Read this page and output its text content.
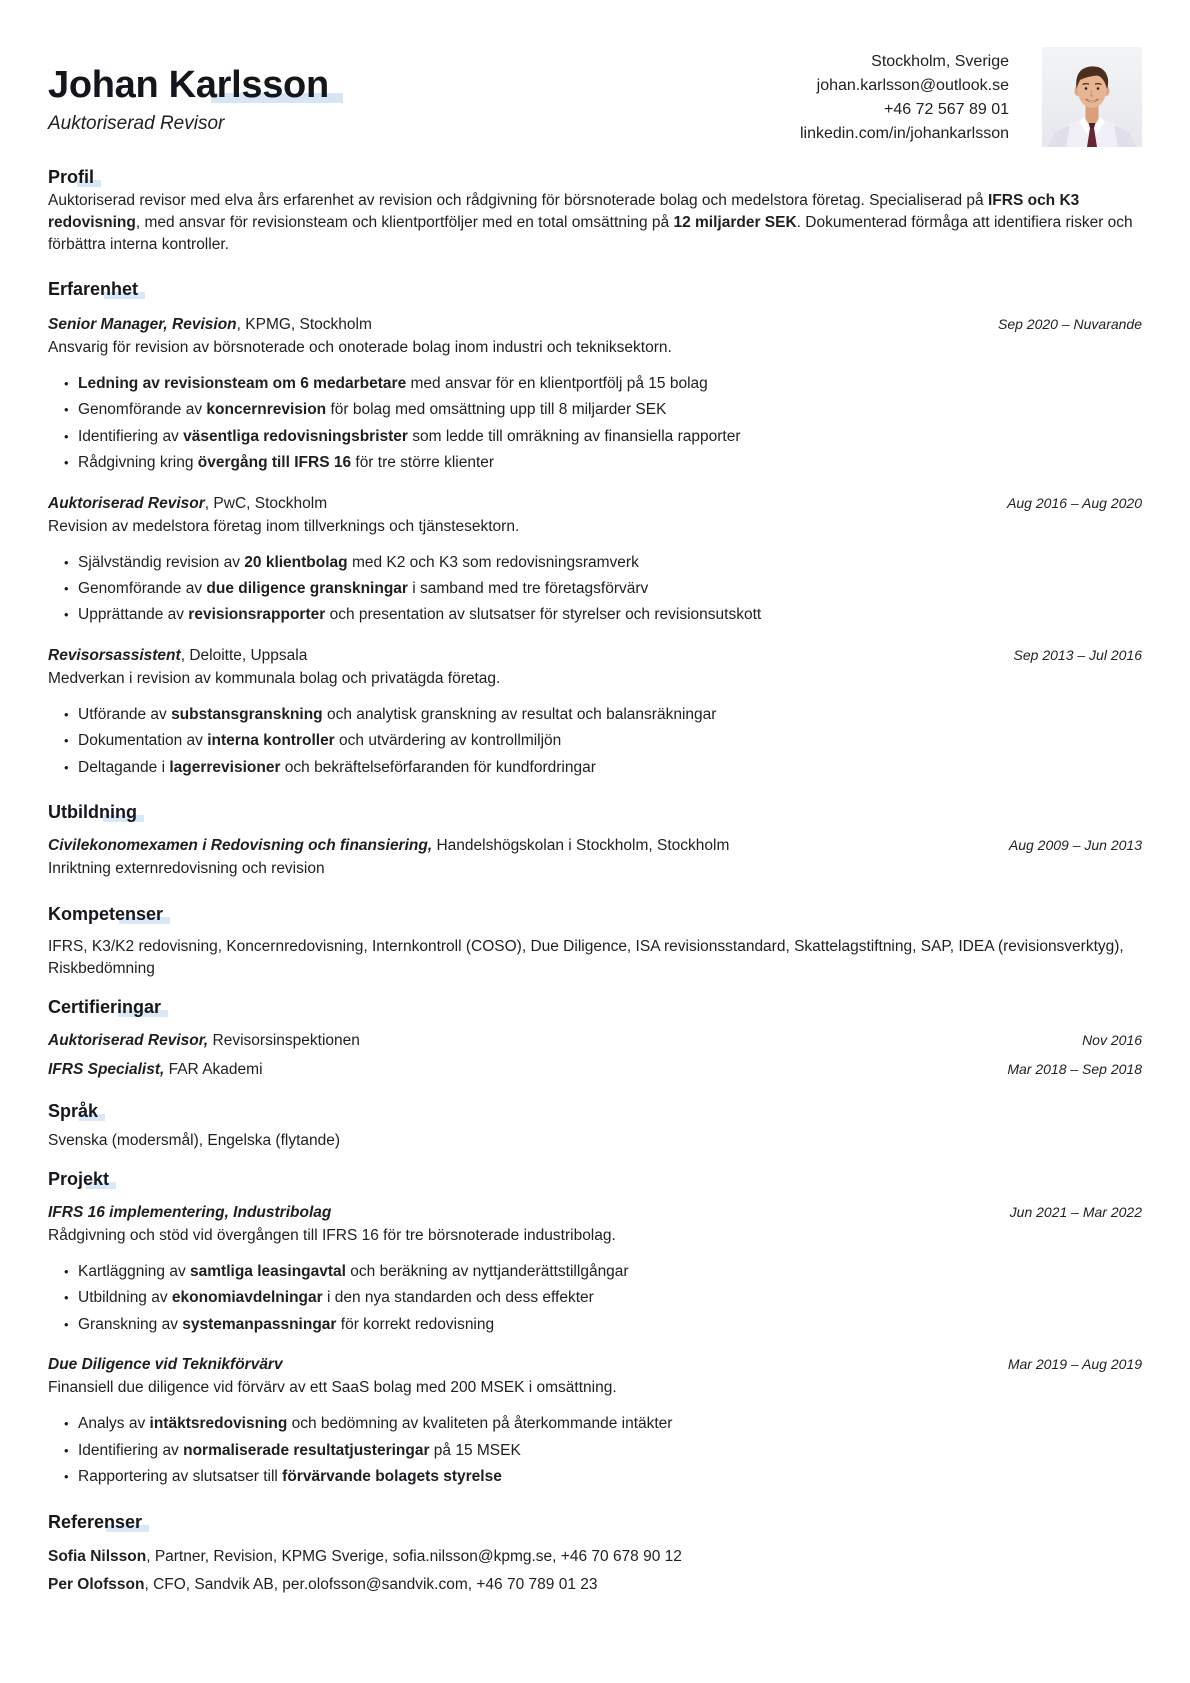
Johan Karlsson
Auktoriserad Revisor
Stockholm, Sverige
johan.karlsson@outlook.se
+46 72 567 89 01
linkedin.com/in/johankarlsson
Profil

Auktoriserad revisor med elva års erfarenhet av revision och rådgivning för börsnoterade bolag och medelstora företag. Specialiserad på IFRS och K3 redovisning, med ansvar för revisionsteam och klientportföljer med en total omsättning på 12 miljarder SEK. Dokumenterad förmåga att identifiera risker och förbättra interna kontroller.

Erfarenhet
Senior Manager, Revision, KPMG, Stockholm	Sep 2020 – Nuvarande
Ansvarig för revision av börsnoterade och onoterade bolag inom industri och tekniksektorn.
• Ledning av revisionsteam om 6 medarbetare med ansvar för en klientportfölj på 15 bolag
• Genomförande av koncernrevision för bolag med omsättning upp till 8 miljarder SEK
• Identifiering av väsentliga redovisningsbrister som ledde till omräkning av finansiella rapporter
• Rådgivning kring övergång till IFRS 16 för tre större klienter
Auktoriserad Revisor, PwC, Stockholm	Aug 2016 – Aug 2020
Revision av medelstora företag inom tillverknings och tjänstesektorn.
• Självständig revision av 20 klientbolag med K2 och K3 som redovisningsramverk
• Genomförande av due diligence granskningar i samband med tre företagsförvärv
• Upprättande av revisionsrapporter och presentation av slutsatser för styrelser och revisionsutskott
Revisorsassistent, Deloitte, Uppsala	Sep 2013 – Jul 2016
Medverkan i revision av kommunala bolag och privatägda företag.
• Utförande av substansgranskning och analytisk granskning av resultat och balansräkningar
• Dokumentation av interna kontroller och utvärdering av kontrollmiljön
• Deltagande i lagerrevisioner och bekräftelseförfaranden för kundfordringar
Utbildning
Civilekonomexamen i Redovisning och finansiering, Handelshögskolan i Stockholm, Stockholm	Aug 2009 – Jun 2013
Inriktning externredovisning och revision
Kompetenser

IFRS, K3/K2 redovisning, Koncernredovisning, Internkontroll (COSO), Due Diligence, ISA revisionsstandard, Skattelagstiftning, SAP, IDEA (revisionsverktyg), Riskbedömning

Certifieringar
Auktoriserad Revisor, Revisorsinspektionen	Nov 2016
IFRS Specialist, FAR Akademi	Mar 2018 – Sep 2018
Språk

Svenska (modersmål), Engelska (flytande)

Projekt
IFRS 16 implementering, Industribolag	Jun 2021 – Mar 2022
Rådgivning och stöd vid övergången till IFRS 16 för tre börsnoterade industribolag.
• Kartläggning av samtliga leasingavtal och beräkning av nyttjanderättstillgångar
• Utbildning av ekonomiavdelningar i den nya standarden och dess effekter
• Granskning av systemanpassningar för korrekt redovisning
Due Diligence vid Teknikförvärv	Mar 2019 – Aug 2019
Finansiell due diligence vid förvärv av ett SaaS bolag med 200 MSEK i omsättning.
• Analys av intäktsredovisning och bedömning av kvaliteten på återkommande intäkter
• Identifiering av normaliserade resultatjusteringar på 15 MSEK
• Rapportering av slutsatser till förvärvande bolagets styrelse
Referenser
Sofia Nilsson, Partner, Revision, KPMG Sverige, sofia.nilsson@kpmg.se, +46 70 678 90 12
Per Olofsson, CFO, Sandvik AB, per.olofsson@sandvik.com, +46 70 789 01 23
